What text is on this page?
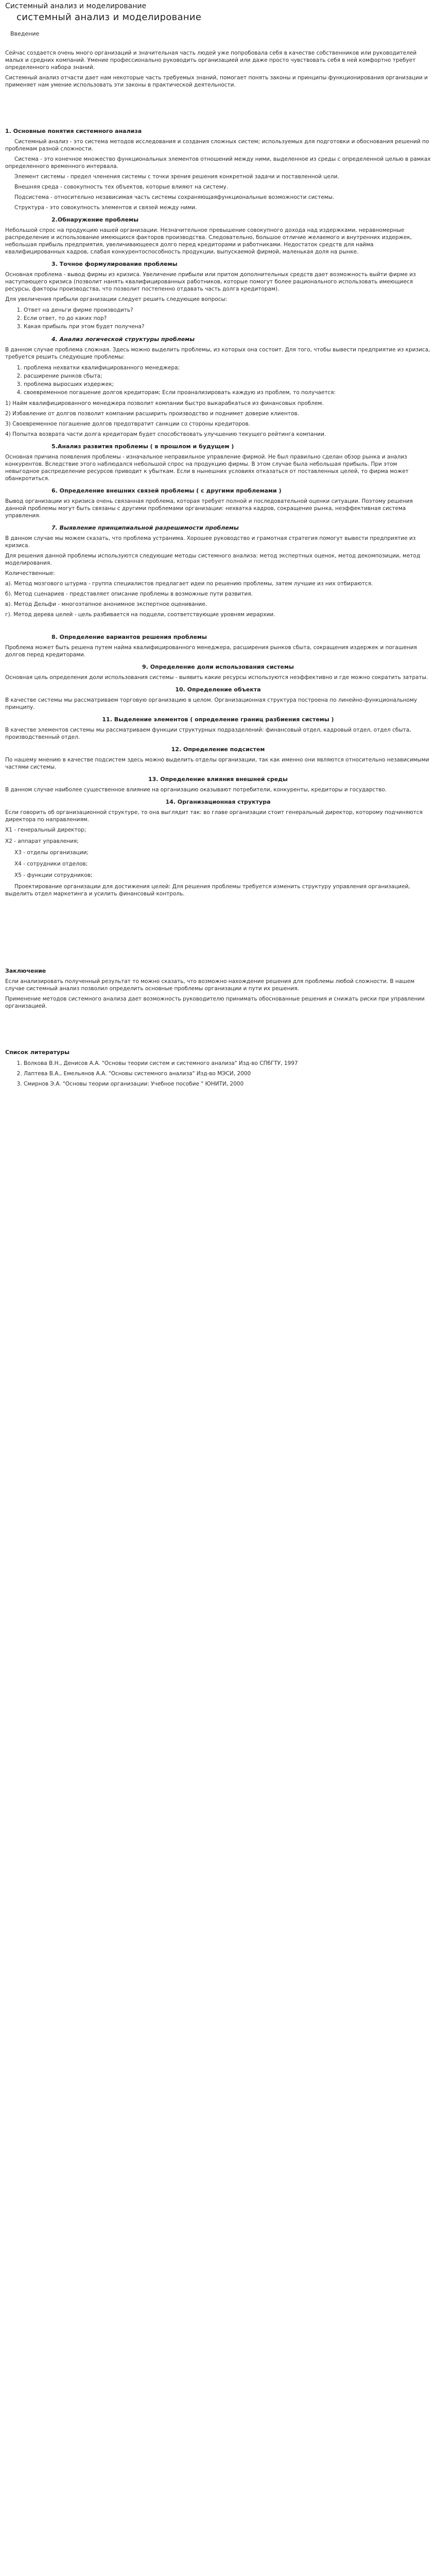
Системный анализ и моделирование
системный анализ и моделирование
Введение

Сейчас создается очень много организаций и значительная часть людей уже попробовала себя в качестве собственников или руководителей малых и средних компаний. Умение профессионально руководить организацией или даже просто чувствовать себя в ней комфортно требует определенного набора знаний.

Системный анализ отчасти дает нам некоторые часть требуемых знаний, помогает понять законы и принципы функционирования организации и применяет нам умение использовать эти законы в практической деятельности.

1. Основные понятия системного анализа

Системный анализ - это система методов исследования и создания сложных систем; используемых для подготовки и обоснования решений по проблемам разной сложности.

Система - это конечное множество функциональных элементов отношений между ними, выделенное из среды с определенной целью в рамках определенного временного интервала.

Элемент системы - предел членения системы с точки зрения решения конкретной задачи и поставленной цели.

Внешняя среда - совокупность тех объектов, которые влияют на систему.

Подсистема - относительно независимая часть системы сохраняющаяфункциональные возможности системы.

Структура - это совокупность элементов и связей между ними.

2.Обнаружение проблемы

Небольшой спрос на продукцию нашей организации. Незначительное превышение совокупного дохода над издержками, неравномерные распределение и использование имеющихся факторов производства. Следовательно, большое отличие желаемого и внутренних издержек, небольшая прибыль предприятия, увеличивающееся долго перед кредиторами и работниками. Недостаток средств для найма квалифицированных кадров, слабая конкурентоспособность продукции, выпускаемой фирмой, маленькая доля на рынке.

3. Точное формулирование проблемы

Основная проблема - вывод фирмы из кризиса. Увеличение прибыли или притом дополнительных средств дает возможность выйти фирме из наступающего кризиса (позволит нанять квалифицированных работников, которые помогут более рационального использовать имеющиеся ресурсы, факторы производства, что позволит постепенно отдавать часть долга кредиторам).

Для увеличения прибыли организации следует решить следующие вопросы:

1. Ответ на деньги фирме производить?
2. Если ответ, то до каких пор?
3. Какая прибыль при этом будет получена?
4. Анализ логической структуры проблемы

В данном случае проблема сложная. Здесь можно выделить проблемы, из которых она состоит. Для того, чтобы вывести предприятие из кризиса, требуется решить следующие проблемы:

1. проблема нехватки квалифицированного менеджера;
2. расширение рынков сбыта;
3. проблема выросших издержек;
4. своевременное погашение долгов кредиторам; Если проанализировать каждую из проблем, то получается:

1) Найм квалифицированного менеджера позволит компании быстро выкарабкаться из финансовых проблем.

2) Избавление от долгов позволит компании расширить производство и поднимет доверие клиентов.

3) Своевременное погашение долгов предотвратит санкции со стороны кредиторов.

4) Попытка возврата части долга кредиторам будет способствовать улучшению текущего рейтинга компании.

5.Анализ развития проблемы ( в прошлом и будущем )

Основная причина появления проблемы - изначальное неправильное управление фирмой. Не был правильно сделан обзор рынка и анализ конкурентов. Вследствие этого наблюдался небольшой спрос на продукцию фирмы. В этом случае была небольшая прибыль. При этом невыгодное распределение ресурсов приводит к убыткам. Если в нынешних условиях отказаться от поставленных целей, то фирма может обанкротиться.

6. Определение внешних связей проблемы ( с другими проблемами )

Вывод организации из кризиса очень связанная проблема, которая требует полной и последовательной оценки ситуации. Поэтому решения данной проблемы могут быть связаны с другими проблемами организации: нехватка кадров, сокращение рынка, неэффективная система управления.

7. Выявление принципиальной разрешимости проблемы

В данном случае мы можем сказать, что проблема устранима. Хорошее руководство и грамотная стратегия помогут вывести предприятие из кризиса.

Для решения данной проблемы используются следующие методы системного анализа: метод экспертных оценок, метод декомпозиции, метод моделирования.

Количественные:

а). Метод мозгового штурма - группа специалистов предлагает идеи по решению проблемы, затем лучшие из них отбираются.

б). Метод сценариев - представляет описание проблемы в возможные пути развития.

в). Метод Дельфи - многоэтапное анонимное экспертное оценивание.

г). Метод дерева целей - цель разбивается на подцели, соответствующие уровням иерархии.

8. Определение вариантов решения проблемы

Проблема может быть решена путем найма квалифицированного менеджера, расширения рынков сбыта, сокращения издержек и погашения долгов перед кредиторами.

9. Определение доли использования системы

Основная цель определения доли использования системы - выявить какие ресурсы используются неэффективно и где можно сократить затраты.

10. Определение объекта

В качестве системы мы рассматриваем торговую организацию в целом. Организационная структура построена по линейно-функциональному принципу.

11. Выделение элементов ( определение границ разбиения системы )

В качестве элементов системы мы рассматриваем функции структурных подразделений: финансовый отдел, кадровый отдел, отдел сбыта, производственный отдел.

12. Определение подсистем

По нашему мнению в качестве подсистем здесь можно выделить отделы организации, так как именно они являются относительно независимыми частями системы.

13. Определение влияния внешней среды

В данном случае наиболее существенное влияние на организацию оказывают потребители, конкуренты, кредиторы и государство.

14. Организационная структура

Если говорить об организационной структуре, то она выглядит так: во главе организации стоит генеральный директор, которому подчиняются директора по направлениям.

Х1 - генеральный директор;

Х2 - аппарат управления;

Х3 - отделы организации;

Х4 - сотрудники отделов;

Х5 - функции сотрудников;

Проектирование организации для достижения целей: Для решения проблемы требуется изменить структуру управления организацией, выделить отдел маркетинга и усилить финансовый контроль.

Заключение

Если анализировать полученный результат то можно сказать, что возможно нахождение решения для проблемы любой сложности. В нашем случае системный анализ позволил определить основные проблемы организации и пути их решения.

Применение методов системного анализа дает возможность руководителю принимать обоснованные решения и снижать риски при управлении организацией.

Список литературы
1. Волкова В.Н., Денисов А.А. "Основы теории систем и системного анализа" Изд-во СПбГТУ, 1997
2. Лаптева В.А., Емельянов А.А. "Основы системного анализа" Изд-во МЭСИ, 2000
3. Смирнов Э.А. "Основы теории организации: Учебное пособие " ЮНИТИ, 2000
